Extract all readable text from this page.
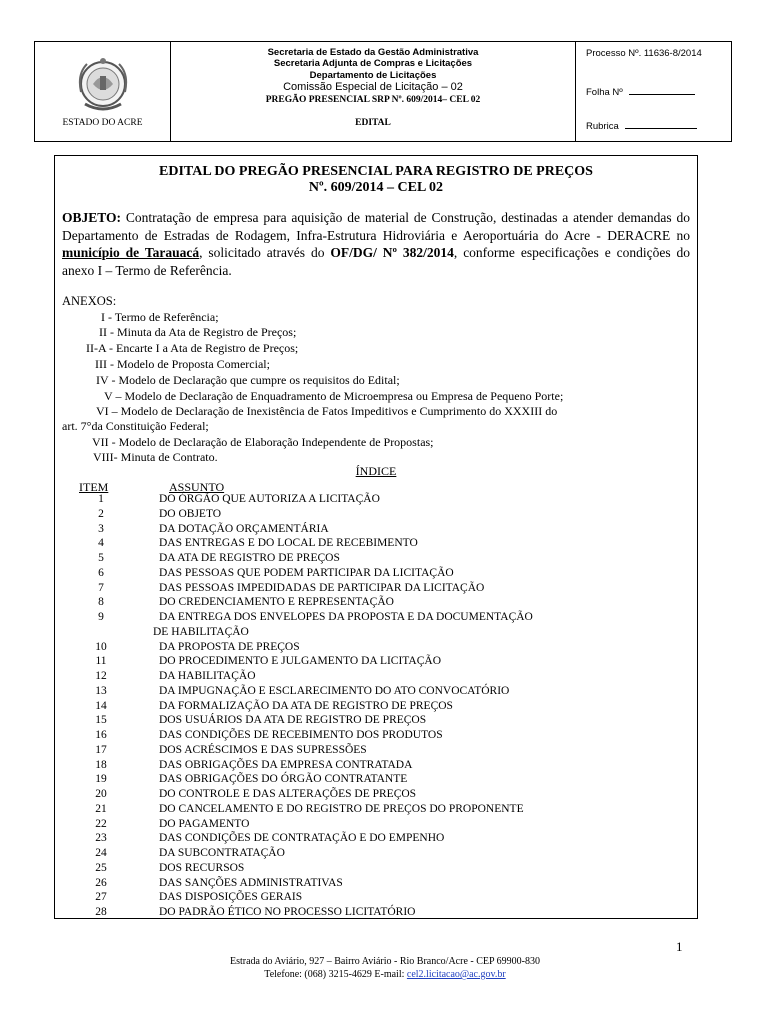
ESTADO DO ACRE
Secretaria de Estado da Gestão Administrativa
Secretaria Adjunta de Compras e Licitações
Departamento de Licitações
Comissão Especial de Licitação – 02
PREGÃO PRESENCIAL SRP Nº. 609/2014– CEL 02
EDITAL
Processo Nº. 11636-8/2014
Folha Nº
Rubrica
EDITAL DO PREGÃO PRESENCIAL PARA REGISTRO DE PREÇOS
Nº. 609/2014 – CEL 02
OBJETO: Contratação de empresa para aquisição de material de Construção, destinadas a atender demandas do Departamento de Estradas de Rodagem, Infra-Estrutura Hidroviária e Aeroportuária do Acre - DERACRE no município de Tarauacá, solicitado através do OF/DG/ Nº 382/2014, conforme especificações e condições do anexo I – Termo de Referência.
ANEXOS:
I - Termo de Referência;
II - Minuta da Ata de Registro de Preços;
II-A - Encarte I a Ata de Registro de Preços;
III - Modelo de Proposta Comercial;
IV - Modelo de Declaração que cumpre os requisitos do Edital;
V – Modelo de Declaração de Enquadramento de Microempresa ou Empresa de Pequeno Porte;
VI – Modelo de Declaração de Inexistência de Fatos Impeditivos e Cumprimento do XXXIII do
art. 7°da Constituição Federal;
VII - Modelo de Declaração de Elaboração Independente de Propostas;
VIII- Minuta de Contrato.
ÍNDICE
ITEM	ASSUNTO
1	DO ÓRGÃO QUE AUTORIZA A LICITAÇÃO
2	DO OBJETO
3	DA DOTAÇÃO ORÇAMENTÁRIA
4	DAS ENTREGAS E DO LOCAL DE RECEBIMENTO
5	DA ATA DE REGISTRO DE PREÇOS
6	DAS PESSOAS QUE PODEM PARTICIPAR DA LICITAÇÃO
7	DAS PESSOAS IMPEDIDADAS DE PARTICIPAR DA LICITAÇÃO
8	DO CREDENCIAMENTO E REPRESENTAÇÃO
9	DA ENTREGA DOS ENVELOPES DA PROPOSTA E DA DOCUMENTAÇÃO
DE HABILITAÇÃO
10	DA PROPOSTA DE PREÇOS
11	DO PROCEDIMENTO E JULGAMENTO DA LICITAÇÃO
12	DA HABILITAÇÃO
13	DA IMPUGNAÇÃO E ESCLARECIMENTO DO ATO CONVOCATÓRIO
14	DA FORMALIZAÇÃO DA ATA DE REGISTRO DE PREÇOS
15	DOS USUÁRIOS DA ATA DE REGISTRO DE PREÇOS
16	DAS CONDIÇÕES DE RECEBIMENTO DOS PRODUTOS
17	DOS ACRÉSCIMOS E DAS SUPRESSÕES
18	DAS OBRIGAÇÕES DA EMPRESA CONTRATADA
19	DAS OBRIGAÇÕES DO ÓRGÃO CONTRATANTE
20	DO CONTROLE E DAS ALTERAÇÕES DE PREÇOS
21	DO CANCELAMENTO E DO REGISTRO DE PREÇOS DO PROPONENTE
22	DO PAGAMENTO
23	DAS CONDIÇÕES DE CONTRATAÇÃO E DO EMPENHO
24	DA SUBCONTRATAÇÃO
25	DOS RECURSOS
26	DAS SANÇÕES ADMINISTRATIVAS
27	DAS DISPOSIÇÕES GERAIS
28	DO PADRÃO ÉTICO NO PROCESSO LICITATÓRIO
1
Estrada do Aviário, 927 – Bairro Aviário - Rio Branco/Acre - CEP 69900-830
Telefone: (068) 3215-4629 E-mail: cel2.licitacao@ac.gov.br
